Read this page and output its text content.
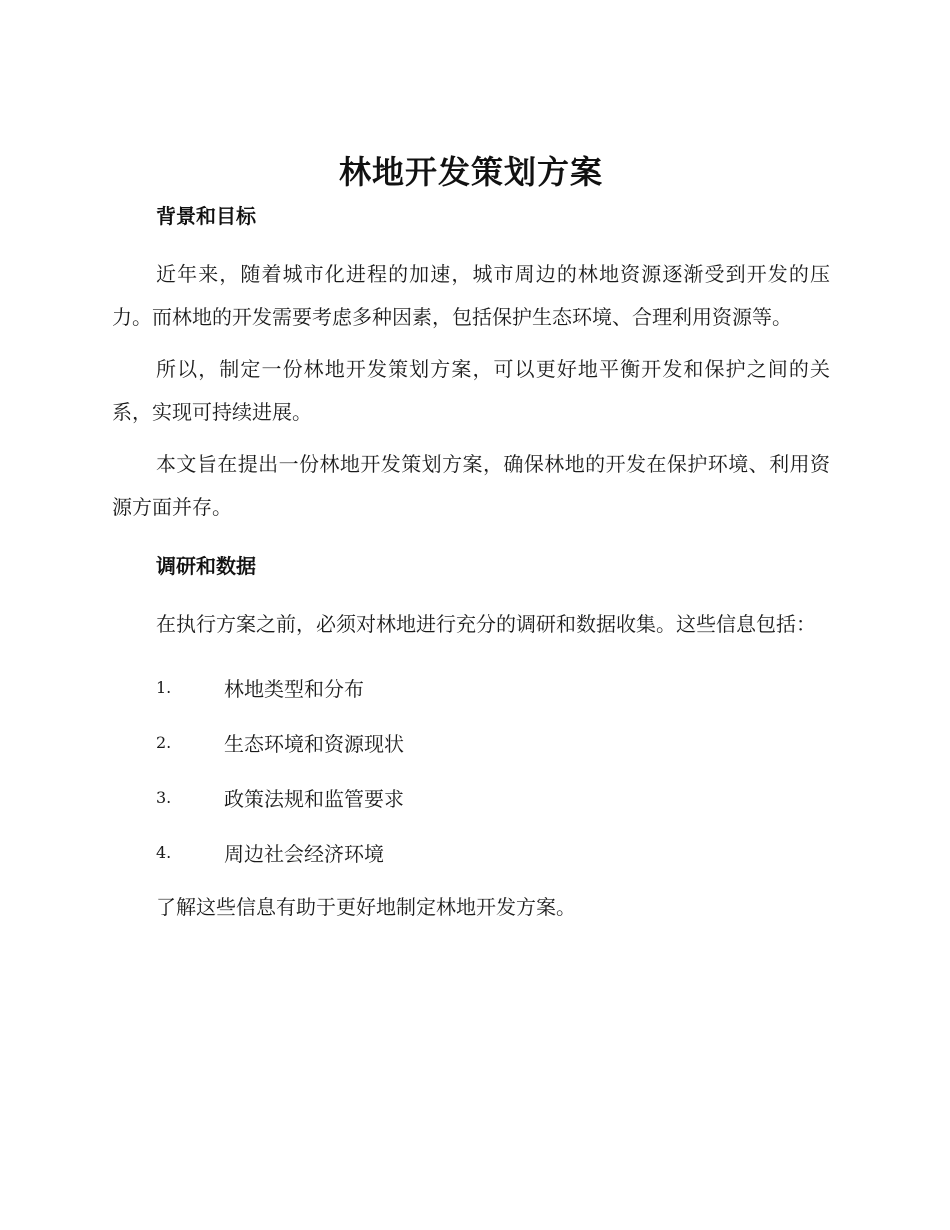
林地开发策划方案
背景和目标

近年来，随着城市化进程的加速，城市周边的林地资源逐渐受到开发的压力。而林地的开发需要考虑多种因素，包括保护生态环境、合理利用资源等。

所以，制定一份林地开发策划方案，可以更好地平衡开发和保护之间的关系，实现可持续进展。

本文旨在提出一份林地开发策划方案，确保林地的开发在保护环境、利用资源方面并存。

调研和数据

在执行方案之前，必须对林地进行充分的调研和数据收集。这些信息包括：

1.	林地类型和分布
2.	生态环境和资源现状
3.	政策法规和监管要求
4.	周边社会经济环境

了解这些信息有助于更好地制定林地开发方案。
